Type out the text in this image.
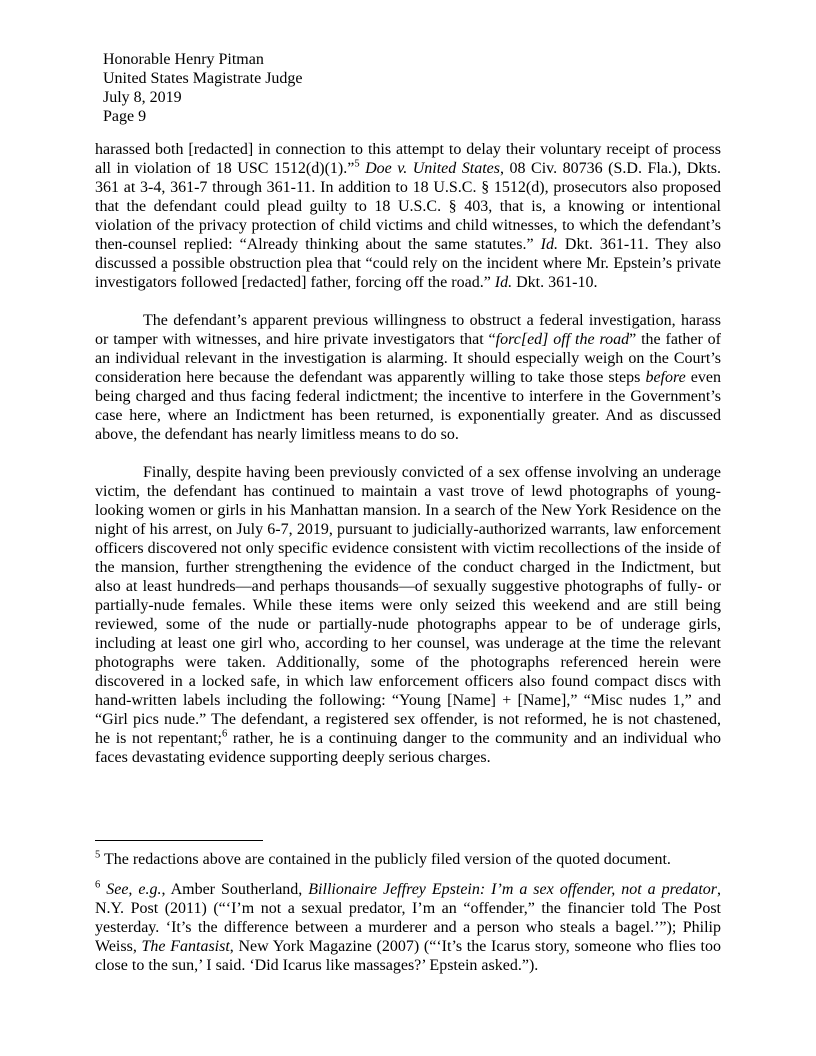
Honorable Henry Pitman
United States Magistrate Judge
July 8, 2019
Page 9

harassed both [redacted] in connection to this attempt to delay their voluntary receipt of process all in violation of 18 USC 1512(d)(1).”$^5$ Doe v. United States, 08 Civ. 80736 (S.D. Fla.), Dkts. 361 at 3-4, 361-7 through 361-11. In addition to 18 U.S.C. § 1512(d), prosecutors also proposed that the defendant could plead guilty to 18 U.S.C. § 403, that is, a knowing or intentional violation of the privacy protection of child victims and child witnesses, to which the defendant’s then-counsel replied: “Already thinking about the same statutes.” Id. Dkt. 361-11. They also discussed a possible obstruction plea that “could rely on the incident where Mr. Epstein’s private investigators followed [redacted] father, forcing off the road.” Id. Dkt. 361-10.

The defendant’s apparent previous willingness to obstruct a federal investigation, harass or tamper with witnesses, and hire private investigators that “forc[ed] off the road” the father of an individual relevant in the investigation is alarming. It should especially weigh on the Court’s consideration here because the defendant was apparently willing to take those steps before even being charged and thus facing federal indictment; the incentive to interfere in the Government’s case here, where an Indictment has been returned, is exponentially greater. And as discussed above, the defendant has nearly limitless means to do so.

Finally, despite having been previously convicted of a sex offense involving an underage victim, the defendant has continued to maintain a vast trove of lewd photographs of young-looking women or girls in his Manhattan mansion. In a search of the New York Residence on the night of his arrest, on July 6-7, 2019, pursuant to judicially-authorized warrants, law enforcement officers discovered not only specific evidence consistent with victim recollections of the inside of the mansion, further strengthening the evidence of the conduct charged in the Indictment, but also at least hundreds—and perhaps thousands—of sexually suggestive photographs of fully- or partially-nude females. While these items were only seized this weekend and are still being reviewed, some of the nude or partially-nude photographs appear to be of underage girls, including at least one girl who, according to her counsel, was underage at the time the relevant photographs were taken. Additionally, some of the photographs referenced herein were discovered in a locked safe, in which law enforcement officers also found compact discs with hand-written labels including the following: “Young [Name] + [Name],” “Misc nudes 1,” and “Girl pics nude.” The defendant, a registered sex offender, is not reformed, he is not chastened, he is not repentant;$^6$ rather, he is a continuing danger to the community and an individual who faces devastating evidence supporting deeply serious charges.

$^5$ The redactions above are contained in the publicly filed version of the quoted document.

$^6$ See, e.g., Amber Southerland, Billionaire Jeffrey Epstein: I’m a sex offender, not a predator, N.Y. Post (2011) (“‘I’m not a sexual predator, I’m an “offender,” the financier told The Post yesterday. ‘It’s the difference between a murderer and a person who steals a bagel.’”); Philip Weiss, The Fantasist, New York Magazine (2007) (“‘It’s the Icarus story, someone who flies too close to the sun,’ I said. ‘Did Icarus like massages?’ Epstein asked.”).
